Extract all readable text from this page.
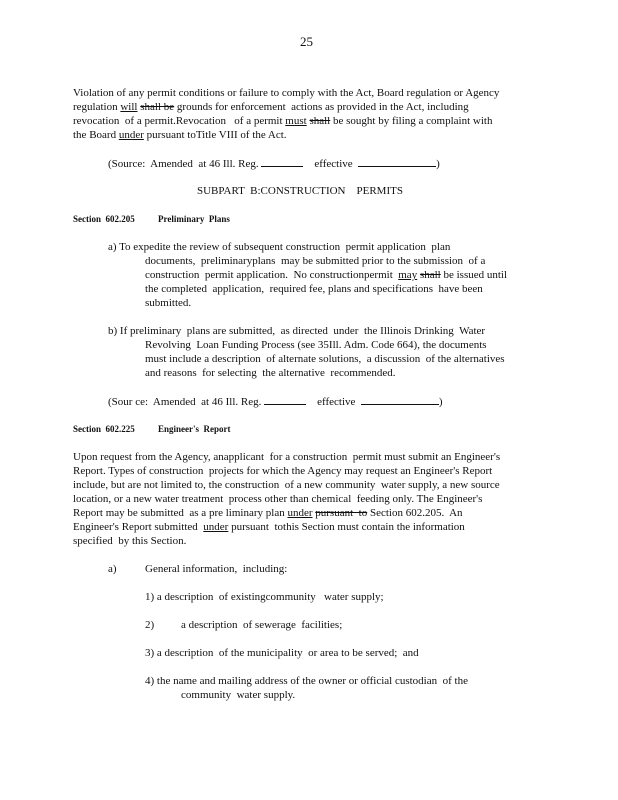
25
Violation of any permit conditions or failure to comply with the Act, Board regulation or Agency
regulation will shall be grounds for enforcement  actions as provided in the Act, including
revocation  of a permit.Revocation   of a permit must shall be sought by filing a complaint with
the Board under pursuant toTitle VIII of the Act.
(Source:  Amended  at 46 Ill. Reg.	effective	)
SUBPART  B:CONSTRUCTION    PERMITS
Section  602.205	Preliminary  Plans
a) To expedite the review of subsequent construction  permit application  plan
documents,  preliminaryplans  may be submitted prior to the submission  of a
construction  permit application.  No constructionpermit  may shall be issued until
the completed  application,  required fee, plans and specifications  have been
submitted.
b) If preliminary  plans are submitted,  as directed  under  the Illinois Drinking  Water
Revolving  Loan Funding Process (see 35Ill. Adm. Code 664), the documents
must include a description  of alternate solutions,  a discussion  of the alternatives
and reasons  for selecting  the alternative  recommended.
(Sour ce:  Amended  at 46 Ill. Reg.	effective	)
Section  602.225	Engineer's  Report
Upon request from the Agency, anapplicant  for a construction  permit must submit an Engineer's
Report. Types of construction  projects for which the Agency may request an Engineer's Report
include, but are not limited to, the construction  of a new community  water supply, a new source
location, or a new water treatment  process other than chemical  feeding only. The Engineer's
Report may be submitted  as a pre liminary plan under pursuant  to Section 602.205.  An
Engineer's Report submitted  under pursuant  tothis Section must contain the information
specified  by this Section.
a)	General information,  including:
1) a description  of existingcommunity   water supply;
2) a description  of sewerage  facilities;
3) a description  of the municipality  or area to be served;  and
4) the name and mailing address of the owner or official custodian  of the
community  water supply.
